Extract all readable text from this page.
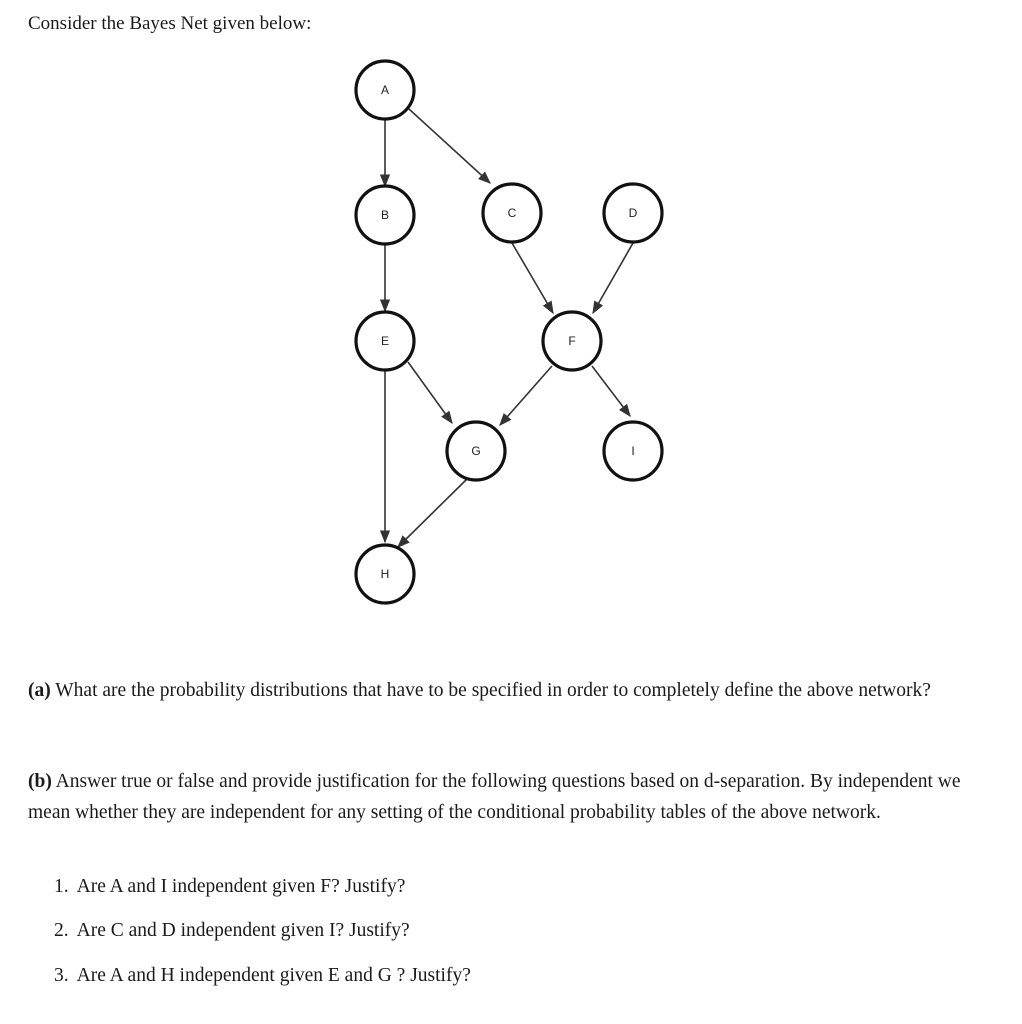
Consider the Bayes Net given below:
A
B	C	D
E	F
G	I
H
(a) What are the probability distributions that have to be specified in order to completely define the above network?
(b) Answer true or false and provide justification for the following questions based on d-separation. By independent we mean whether they are independent for any setting of the conditional probability tables of the above network.
1. Are A and I independent given F? Justify?
2. Are C and D independent given I? Justify?
3. Are A and H independent given E and G ? Justify?
